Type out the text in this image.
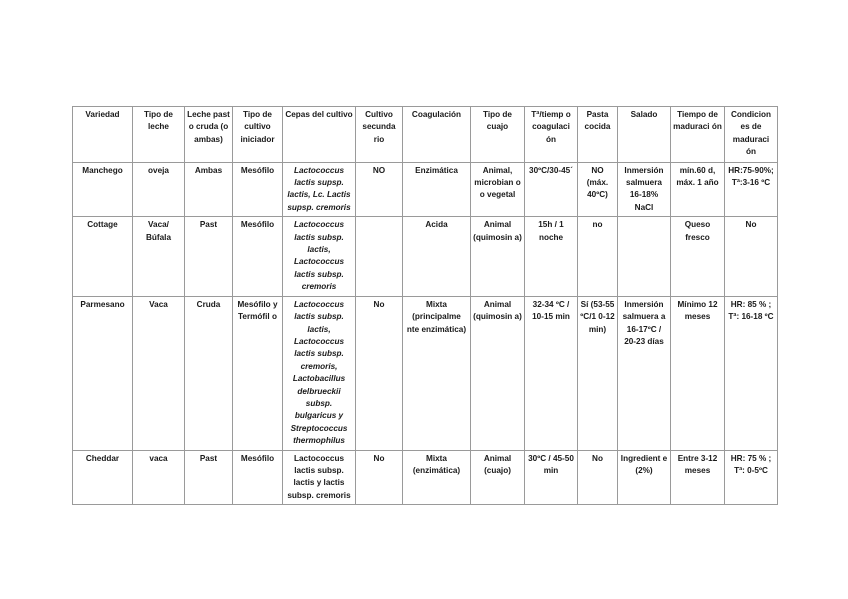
Variedad	Tipo de leche	Leche past o cruda (o ambas)	Tipo de cultivo iniciador	Cepas del cultivo	Cultivo secunda rio	Coagulación	Tipo de cuajo	Tª/tiemp o coagulaci ón	Pasta cocida	Salado	Tiempo de maduraci ón	Condicion es de maduraci ón
Manchego	oveja	Ambas	Mesófilo	Lactococcus lactis supsp. lactis, Lc. Lactis supsp. cremoris	NO	Enzimática	Animal, microbian o o vegetal	30ºC/30-45´	NO (máx. 40ºC)	Inmersión salmuera 16-18% NaCl	mín.60 d, máx. 1 año	HR:75-90%; Tª:3-16 ºC
Cottage	Vaca/ Búfala	Past	Mesófilo	Lactococcus lactis subsp. lactis, Lactococcus lactis subsp. cremoris		Acida	Animal (quimosin a)	15h / 1 noche	no		Queso fresco	No
Parmesano	Vaca	Cruda	Mesófilo y Termófil o	Lactococcus lactis subsp. lactis, Lactococcus lactis subsp. cremoris, Lactobacillus delbrueckii subsp. bulgaricus y Streptococcus thermophilus	No	Mixta (principalme nte enzimática)	Animal (quimosin a)	32-34 ºC / 10-15 min	Sí (53-55 ºC/1 0-12 min)	Inmersión salmuera a 16-17ºC / 20-23 días	Mínimo 12 meses	HR: 85 % ; Tª: 16-18 ºC
Cheddar	vaca	Past	Mesófilo	Lactococcus lactis subsp. lactis y lactis subsp. cremoris	No	Mixta (enzimática)	Animal (cuajo)	30ºC / 45-50 min	No	Ingredient e (2%)	Entre 3-12 meses	HR: 75 % ; Tª: 0-5ºC
